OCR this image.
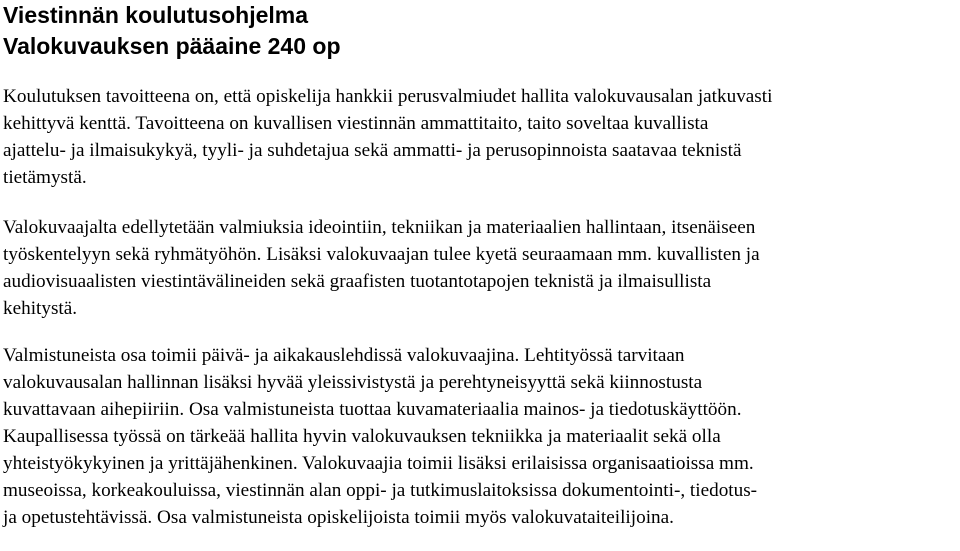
Viestinnän koulutusohjelma
Valokuvauksen pääaine 240 op

Koulutuksen tavoitteena on, että opiskelija hankkii perusvalmiudet hallita valokuvausalan jatkuvasti
kehittyvä kenttä. Tavoitteena on kuvallisen viestinnän ammattitaito, taito soveltaa kuvallista
ajattelu- ja ilmaisukykyä, tyyli- ja suhdetajua sekä ammatti- ja perusopinnoista saatavaa teknistä
tietämystä.

Valokuvaajalta edellytetään valmiuksia ideointiin, tekniikan ja materiaalien hallintaan, itsenäiseen
työskentelyyn sekä ryhmätyöhön. Lisäksi valokuvaajan tulee kyetä seuraamaan mm. kuvallisten ja
audiovisuaalisten viestintävälineiden sekä graafisten tuotantotapojen teknistä ja ilmaisullista
kehitystä.

Valmistuneista osa toimii päivä- ja aikakauslehdissä valokuvaajina. Lehtityössä tarvitaan
valokuvausalan hallinnan lisäksi hyvää yleissivistystä ja perehtyneisyyttä sekä kiinnostusta
kuvattavaan aihepiiriin. Osa valmistuneista tuottaa kuvamateriaalia mainos- ja tiedotuskäyttöön.
Kaupallisessa työssä on tärkeää hallita hyvin valokuvauksen tekniikka ja materiaalit sekä olla
yhteistyökykyinen ja yrittäjähenkinen. Valokuvaajia toimii lisäksi erilaisissa organisaatioissa mm.
museoissa, korkeakouluissa, viestinnän alan oppi- ja tutkimuslaitoksissa dokumentointi-, tiedotus-
ja opetustehtävissä. Osa valmistuneista opiskelijoista toimii myös valokuvataiteilijoina.
